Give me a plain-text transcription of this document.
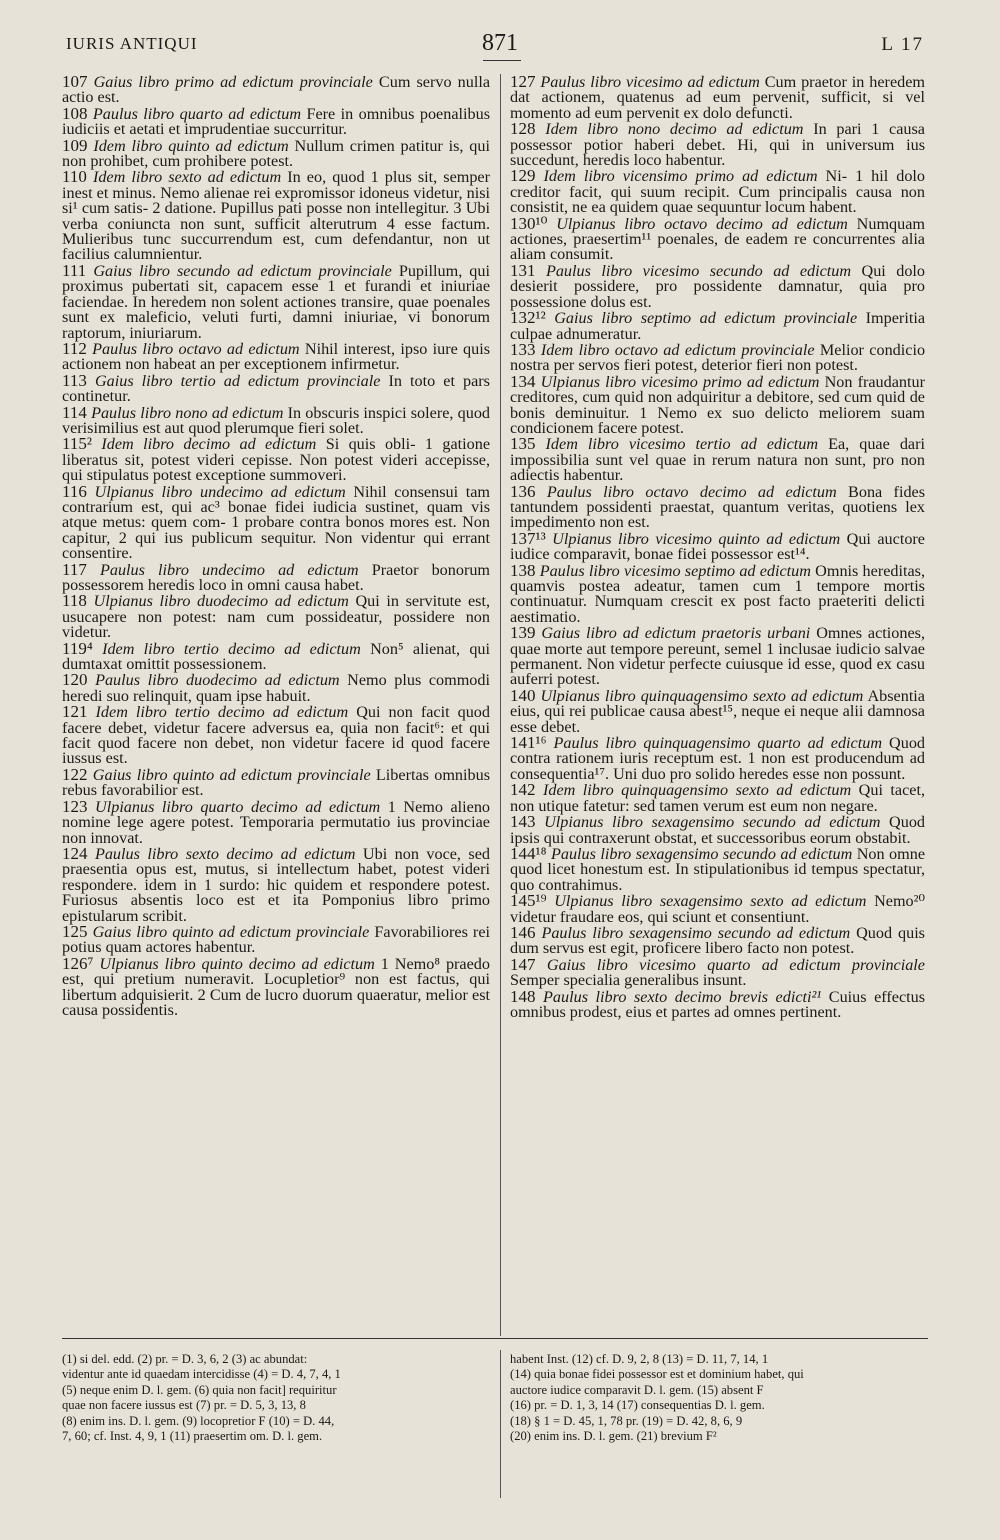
IURIS ANTIQUI	871	L 17

107 Gaius libro primo ad edictum provinciale Cum servo nulla actio est.

108 Paulus libro quarto ad edictum Fere in omnibus poenalibus iudiciis et aetati et imprudentiae succurritur.

109 Idem libro quinto ad edictum Nullum crimen patitur is, qui non prohibet, cum prohibere potest.

110 Idem libro sexto ad edictum In eo, quod 1 plus sit, semper inest et minus. Nemo alienae rei expromissor idoneus videtur, nisi si¹ cum satis- 2 datione. Pupillus pati posse non intellegitur. 3 Ubi verba coniuncta non sunt, sufficit alterutrum 4 esse factum. Mulieribus tunc succurrendum est, cum defendantur, non ut facilius calumnientur.

111 Gaius libro secundo ad edictum provinciale Pupillum, qui proximus pubertati sit, capacem esse 1 et furandi et iniuriae faciendae. In heredem non solent actiones transire, quae poenales sunt ex maleficio, veluti furti, damni iniuriae, vi bonorum raptorum, iniuriarum.

112 Paulus libro octavo ad edictum Nihil interest, ipso iure quis actionem non habeat an per exceptionem infirmetur.

113 Gaius libro tertio ad edictum provinciale In toto et pars continetur.

114 Paulus libro nono ad edictum In obscuris inspici solere, quod verisimilius est aut quod plerumque fieri solet.

115² Idem libro decimo ad edictum Si quis obli- 1 gatione liberatus sit, potest videri cepisse. Non potest videri accepisse, qui stipulatus potest exceptione summoveri.

116 Ulpianus libro undecimo ad edictum Nihil consensui tam contrarium est, qui ac³ bonae fidei iudicia sustinet, quam vis atque metus: quem com- 1 probare contra bonos mores est. Non capitur, 2 qui ius publicum sequitur. Non videntur qui errant consentire.

117 Paulus libro undecimo ad edictum Praetor bonorum possessorem heredis loco in omni causa habet.

118 Ulpianus libro duodecimo ad edictum Qui in servitute est, usucapere non potest: nam cum possideatur, possidere non videtur.

119⁴ Idem libro tertio decimo ad edictum Non⁵ alienat, qui dumtaxat omittit possessionem.

120 Paulus libro duodecimo ad edictum Nemo plus commodi heredi suo relinquit, quam ipse habuit.

121 Idem libro tertio decimo ad edictum Qui non facit quod facere debet, videtur facere adversus ea, quia non facit⁶: et qui facit quod facere non debet, non videtur facere id quod facere iussus est.

122 Gaius libro quinto ad edictum provinciale Libertas omnibus rebus favorabilior est.

123 Ulpianus libro quarto decimo ad edictum 1 Nemo alieno nomine lege agere potest. Temporaria permutatio ius provinciae non innovat.

124 Paulus libro sexto decimo ad edictum Ubi non voce, sed praesentia opus est, mutus, si intellectum habet, potest videri respondere. idem in 1 surdo: hic quidem et respondere potest. Furiosus absentis loco est et ita Pomponius libro primo epistularum scribit.

125 Gaius libro quinto ad edictum provinciale Favorabiliores rei potius quam actores habentur.

126⁷ Ulpianus libro quinto decimo ad edictum 1 Nemo⁸ praedo est, qui pretium numeravit. Locupletior⁹ non est factus, qui libertum adquisierit. 2 Cum de lucro duorum quaeratur, melior est causa possidentis.

127 Paulus libro vicesimo ad edictum Cum praetor in heredem dat actionem, quatenus ad eum pervenit, sufficit, si vel momento ad eum pervenit ex dolo defuncti.

128 Idem libro nono decimo ad edictum In pari 1 causa possessor potior haberi debet. Hi, qui in universum ius succedunt, heredis loco habentur.

129 Idem libro vicensimo primo ad edictum Ni- 1 hil dolo creditor facit, qui suum recipit. Cum principalis causa non consistit, ne ea quidem quae sequuntur locum habent.

130¹⁰ Ulpianus libro octavo decimo ad edictum Numquam actiones, praesertim¹¹ poenales, de eadem re concurrentes alia aliam consumit.

131 Paulus libro vicesimo secundo ad edictum Qui dolo desierit possidere, pro possidente damnatur, quia pro possessione dolus est.

132¹² Gaius libro septimo ad edictum provinciale Imperitia culpae adnumeratur.

133 Idem libro octavo ad edictum provinciale Melior condicio nostra per servos fieri potest, deterior fieri non potest.

134 Ulpianus libro vicesimo primo ad edictum Non fraudantur creditores, cum quid non adquiritur a debitore, sed cum quid de bonis deminuitur. 1 Nemo ex suo delicto meliorem suam condicionem facere potest.

135 Idem libro vicesimo tertio ad edictum Ea, quae dari impossibilia sunt vel quae in rerum natura non sunt, pro non adiectis habentur.

136 Paulus libro octavo decimo ad edictum Bona fides tantundem possidenti praestat, quantum veritas, quotiens lex impedimento non est.

137¹³ Ulpianus libro vicesimo quinto ad edictum Qui auctore iudice comparavit, bonae fidei possessor est¹⁴.

138 Paulus libro vicesimo septimo ad edictum Omnis hereditas, quamvis postea adeatur, tamen cum 1 tempore mortis continuatur. Numquam crescit ex post facto praeteriti delicti aestimatio.

139 Gaius libro ad edictum praetoris urbani Omnes actiones, quae morte aut tempore pereunt, semel 1 inclusae iudicio salvae permanent. Non videtur perfecte cuiusque id esse, quod ex casu auferri potest.

140 Ulpianus libro quinquagensimo sexto ad edictum Absentia eius, qui rei publicae causa abest¹⁵, neque ei neque alii damnosa esse debet.

141¹⁶ Paulus libro quinquagensimo quarto ad edictum Quod contra rationem iuris receptum est. 1 non est producendum ad consequentia¹⁷. Uni duo pro solido heredes esse non possunt.

142 Idem libro quinquagensimo sexto ad edictum Qui tacet, non utique fatetur: sed tamen verum est eum non negare.

143 Ulpianus libro sexagensimo secundo ad edictum Quod ipsis qui contraxerunt obstat, et successoribus eorum obstabit.

144¹⁸ Paulus libro sexagensimo secundo ad edictum Non omne quod licet honestum est. In stipulationibus id tempus spectatur, quo contrahimus.

145¹⁹ Ulpianus libro sexagensimo sexto ad edictum Nemo²⁰ videtur fraudare eos, qui sciunt et consentiunt.

146 Paulus libro sexagensimo secundo ad edictum Quod quis dum servus est egit, proficere libero facto non potest.

147 Gaius libro vicesimo quarto ad edictum provinciale Semper specialia generalibus insunt.

148 Paulus libro sexto decimo brevis edicti²¹ Cuius effectus omnibus prodest, eius et partes ad omnes pertinent.

(1) si del. edd. (2) pr. = D. 3, 6, 2 (3) ac abundat:

videntur ante id quaedam intercidisse (4) = D. 4, 7, 4, 1

(5) neque enim D. l. gem. (6) quia non facit] requiritur

quae non facere iussus est (7) pr. = D. 5, 3, 13, 8

(8) enim ins. D. l. gem. (9) locopretior F (10) = D. 44,

7, 60; cf. Inst. 4, 9, 1 (11) praesertim om. D. l. gem.

habent Inst. (12) cf. D. 9, 2, 8 (13) = D. 11, 7, 14, 1

(14) quia bonae fidei possessor est et dominium habet, qui

auctore iudice comparavit D. l. gem. (15) absent F

(16) pr. = D. 1, 3, 14 (17) consequentias D. l. gem.

(18) § 1 = D. 45, 1, 78 pr. (19) = D. 42, 8, 6, 9

(20) enim ins. D. l. gem. (21) brevium F²
